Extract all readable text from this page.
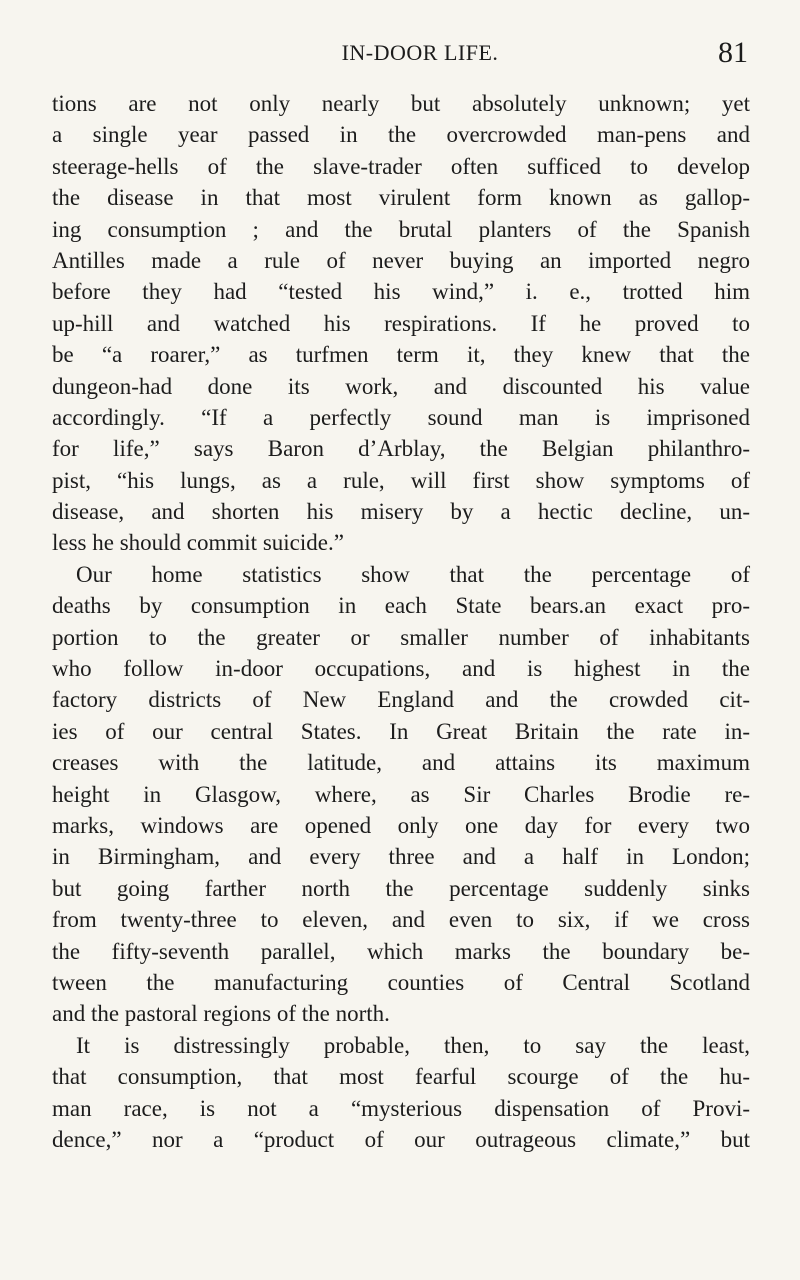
IN-DOOR LIFE.	81
tions are not only nearly but absolutely unknown; yet
a single year passed in the overcrowded man-pens and
steerage-hells of the slave-trader often sufficed to develop
the disease in that most virulent form known as gallop-
ing consumption ; and the brutal planters of the Spanish
Antilles made a rule of never buying an imported negro
before they had “tested his wind,” i. e., trotted him
up-hill and watched his respirations. If he proved to
be “a roarer,” as turfmen term it, they knew that the
dungeon-had done its work, and discounted his value
accordingly. “If a perfectly sound man is imprisoned
for life,” says Baron d’Arblay, the Belgian philanthro-
pist, “his lungs, as a rule, will first show symptoms of
disease, and shorten his misery by a hectic decline, un-
less he should commit suicide.”
Our home statistics show that the percentage of
deaths by consumption in each State bears.an exact pro-
portion to the greater or smaller number of inhabitants
who follow in-door occupations, and is highest in the
factory districts of New England and the crowded cit-
ies of our central States. In Great Britain the rate in-
creases with the latitude, and attains its maximum
height in Glasgow, where, as Sir Charles Brodie re-
marks, windows are opened only one day for every two
in Birmingham, and every three and a half in London;
but going farther north the percentage suddenly sinks
from twenty-three to eleven, and even to six, if we cross
the fifty-seventh parallel, which marks the boundary be-
tween the manufacturing counties of Central Scotland
and the pastoral regions of the north.
It is distressingly probable, then, to say the least,
that consumption, that most fearful scourge of the hu-
man race, is not a “mysterious dispensation of Provi-
dence,” nor a “product of our outrageous climate,” but
